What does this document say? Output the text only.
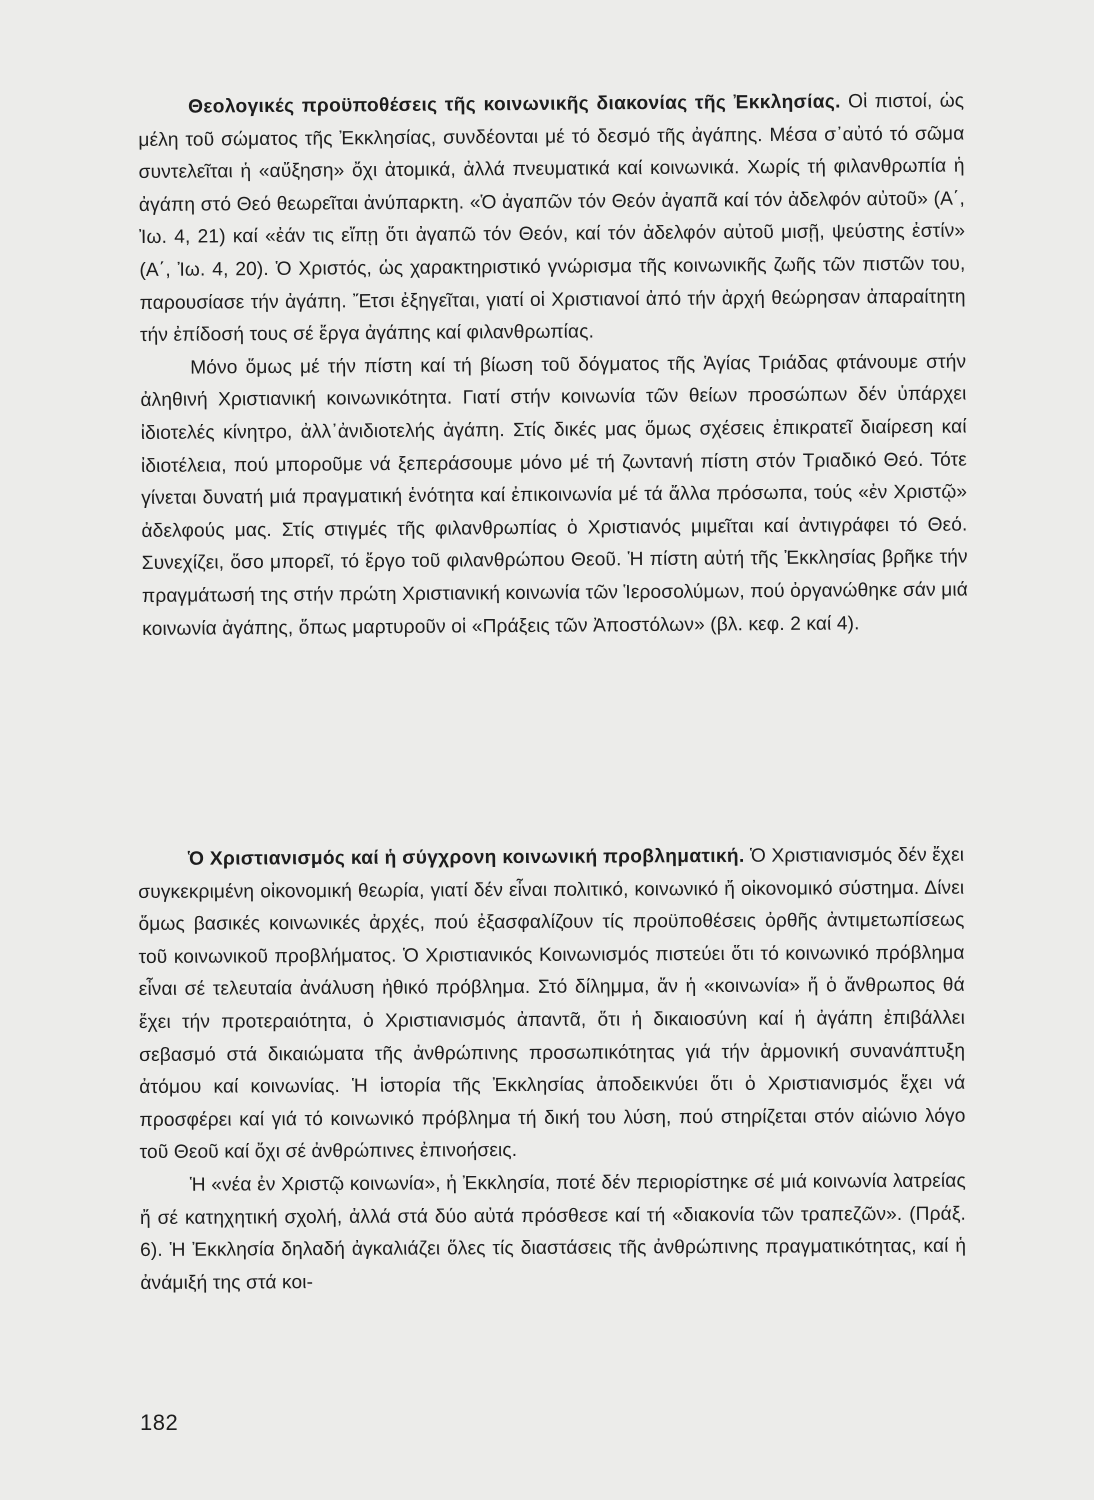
Θεολογικές προϋποθέσεις τῆς κοινωνικῆς διακονίας τῆς Ἐκκλησίας. Οἱ πιστοί, ὡς μέλη τοῦ σώματος τῆς Ἐκκλησίας, συνδέονται μέ τό δεσμό τῆς ἀγάπης. Μέσα σ᾿αὐτό τό σῶμα συντελεῖται ἡ «αὔξηση» ὄχι ἀτομικά, ἀλλά πνευματικά καί κοινωνικά. Χωρίς τή φιλανθρωπία ἡ ἀγάπη στό Θεό θεωρεῖται ἀνύπαρκτη. «Ὁ ἀγαπῶν τόν Θεόν ἀγαπᾶ καί τόν ἀδελφόν αὐτοῦ» (Α΄, Ἰω. 4, 21) καί «ἐάν τις εἴπῃ ὅτι ἀγαπῶ τόν Θεόν, καί τόν ἀδελφόν αὐτοῦ μισῇ, ψεύστης ἐστίν» (Α΄, Ἰω. 4, 20). Ὁ Χριστός, ὡς χαρακτηριστικό γνώρισμα τῆς κοινωνικῆς ζωῆς τῶν πιστῶν του, παρουσίασε τήν ἀγάπη. Ἔτσι ἐξηγεῖται, γιατί οἱ Χριστιανοί ἀπό τήν ἀρχή θεώρησαν ἀπαραίτητη τήν ἐπίδοσή τους σέ ἔργα ἀγάπης καί φιλανθρωπίας.

Μόνο ὅμως μέ τήν πίστη καί τή βίωση τοῦ δόγματος τῆς Ἁγίας Τριάδας φτάνουμε στήν ἀληθινή Χριστιανική κοινωνικότητα. Γιατί στήν κοινωνία τῶν θείων προσώπων δέν ὑπάρχει ἰδιοτελές κίνητρο, ἀλλ᾿ἀνιδιοτελής ἀγάπη. Στίς δικές μας ὅμως σχέσεις ἐπικρατεῖ διαίρεση καί ἰδιοτέλεια, πού μποροῦμε νά ξεπεράσουμε μόνο μέ τή ζωντανή πίστη στόν Τριαδικό Θεό. Τότε γίνεται δυνατή μιά πραγματική ἑνότητα καί ἐπικοινωνία μέ τά ἄλλα πρόσωπα, τούς «ἐν Χριστῷ» ἀδελφούς μας. Στίς στιγμές τῆς φιλανθρωπίας ὁ Χριστιανός μιμεῖται καί ἀντιγράφει τό Θεό. Συνεχίζει, ὅσο μπορεῖ, τό ἔργο τοῦ φιλανθρώπου Θεοῦ. Ἡ πίστη αὐτή τῆς Ἐκκλησίας βρῆκε τήν πραγμάτωσή της στήν πρώτη Χριστιανική κοινωνία τῶν Ἱεροσολύμων, πού ὀργανώθηκε σάν μιά κοινωνία ἀγάπης, ὅπως μαρτυροῦν οἱ «Πράξεις τῶν Ἀποστόλων» (βλ. κεφ. 2 καί 4).

Ὁ Χριστιανισμός καί ἡ σύγχρονη κοινωνική προβληματική. Ὁ Χριστιανισμός δέν ἔχει συγκεκριμένη οἰκονομική θεωρία, γιατί δέν εἶναι πολιτικό, κοινωνικό ἤ οἰκονομικό σύστημα. Δίνει ὅμως βασικές κοινωνικές ἀρχές, πού ἐξασφαλίζουν τίς προϋποθέσεις ὀρθῆς ἀντιμετωπίσεως τοῦ κοινωνικοῦ προβλήματος. Ὁ Χριστιανικός Κοινωνισμός πιστεύει ὅτι τό κοινωνικό πρόβλημα εἶναι σέ τελευταία ἀνάλυση ἠθικό πρόβλημα. Στό δίλημμα, ἄν ἡ «κοινωνία» ἤ ὁ ἄνθρωπος θά ἔχει τήν προτεραιότητα, ὁ Χριστιανισμός ἀπαντᾶ, ὅτι ἡ δικαιοσύνη καί ἡ ἀγάπη ἐπιβάλλει σεβασμό στά δικαιώματα τῆς ἀνθρώπινης προσωπικότητας γιά τήν ἁρμονική συνανάπτυξη ἀτόμου καί κοινωνίας. Ἡ ἱστορία τῆς Ἐκκλησίας ἀποδεικνύει ὅτι ὁ Χριστιανισμός ἔχει νά προσφέρει καί γιά τό κοινωνικό πρόβλημα τή δική του λύση, πού στηρίζεται στόν αἰώνιο λόγο τοῦ Θεοῦ καί ὄχι σέ ἀνθρώπινες ἐπινοήσεις.

Ἡ «νέα ἐν Χριστῷ κοινωνία», ἡ Ἐκκλησία, ποτέ δέν περιορίστηκε σέ μιά κοινωνία λατρείας ἤ σέ κατηχητική σχολή, ἀλλά στά δύο αὐτά πρόσθεσε καί τή «διακονία τῶν τραπεζῶν». (Πράξ. 6). Ἡ Ἐκκλησία δηλαδή ἀγκαλιάζει ὅλες τίς διαστάσεις τῆς ἀνθρώπινης πραγματικότητας, καί ἡ ἀνάμιξή της στά κοι-

182
